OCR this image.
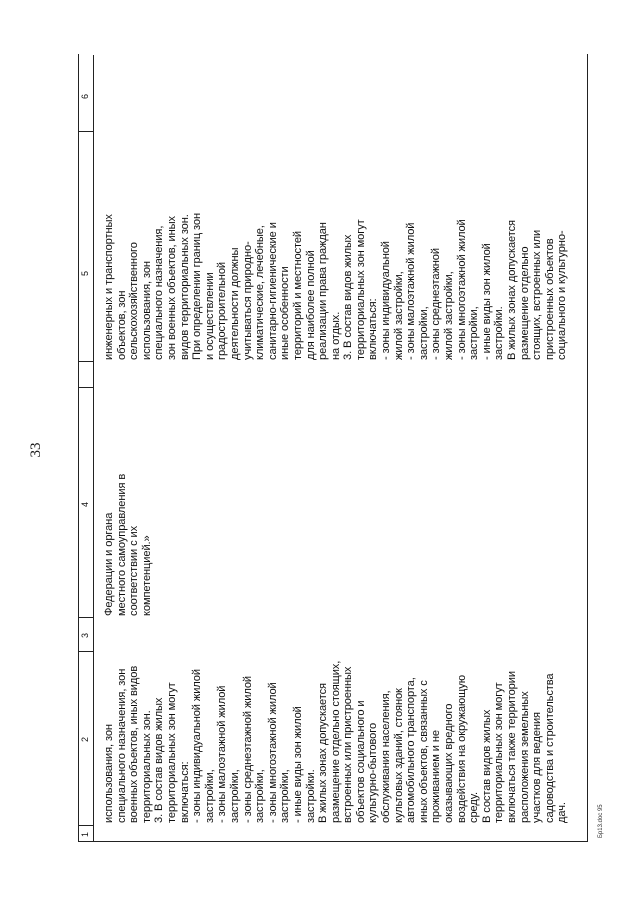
33
1
2
3
4
5
6

использования, зон специального назначения, зон военных объектов, иных видов территориальных зон. 3. В состав видов жилых территориальных зон могут включаться: - зоны индивидуальной жилой застройки, - зоны малоэтажной жилой застройки, - зоны среднеэтажной жилой застройки, - зоны многоэтажной жилой застройки, - иные виды зон жилой застройки. В жилых зонах допускается размещение отдельно стоящих, встроенных или пристроенных объектов социального и культурно-бытового обслуживания населения, культовых зданий, стоянок автомобильного транспорта, иных объектов, связанных с проживанием и не оказывающих вредного воздействия на окружающую среду. В состав видов жилых территориальных зон могут включаться также территории расположения земельных участков для ведения садоводства и строительства дач.

Федерации и органа местного самоуправления в соответствии с их компетенцией.»

инженерных и транспортных объектов, зон сельскохозяйственного использования, зон специального назначения, зон военных объектов, иных видов территориальных зон. При определении границ зон и осуществлении градостроительной деятельности должны учитываться природно- климатические, лечебные, санитарно-гигиенические и иные особенности территорий и местностей для наиболее полной реализации права граждан на отдых. 3. В состав видов жилых территориальных зон могут включаться: - зоны индивидуальной жилой застройки, - зоны малоэтажной жилой застройки, - зоны среднеэтажной жилой застройки, - зоны многоэтажной жилой застройки, - иные виды зон жилой застройки. В жилых зонах допускается размещение отдельно стоящих, встроенных или пристроенных объектов социального и культурно-

Бр13.doc 95
